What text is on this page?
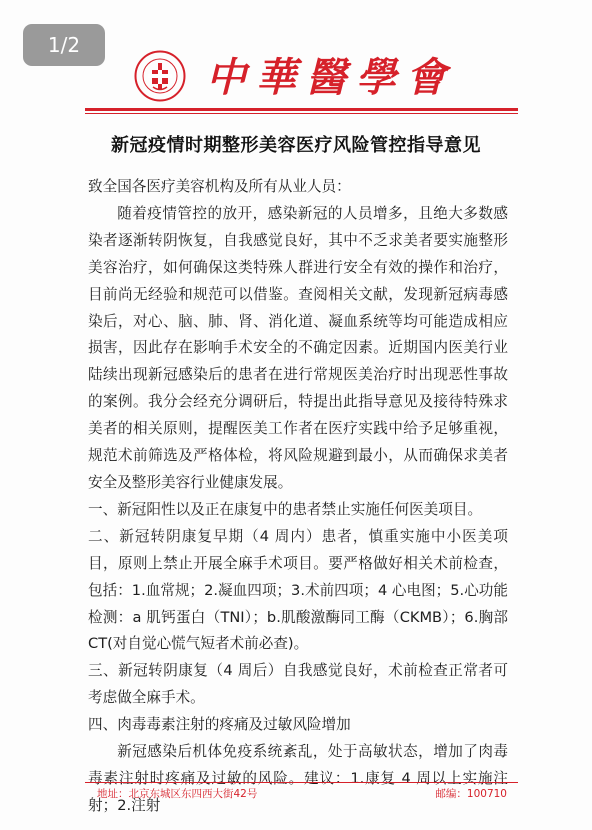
1/2
中華醫學會
新冠疫情时期整形美容医疗风险管控指导意见

致全国各医疗美容机构及所有从业人员：

随着疫情管控的放开，感染新冠的人员增多，且绝大多数感染者逐渐转阴恢复，自我感觉良好，其中不乏求美者要实施整形美容治疗，如何确保这类特殊人群进行安全有效的操作和治疗，目前尚无经验和规范可以借鉴。查阅相关文献，发现新冠病毒感染后，对心、脑、肺、肾、消化道、凝血系统等均可能造成相应损害，因此存在影响手术安全的不确定因素。近期国内医美行业陆续出现新冠感染后的患者在进行常规医美治疗时出现恶性事故的案例。我分会经充分调研后，特提出此指导意见及接待特殊求美者的相关原则，提醒医美工作者在医疗实践中给予足够重视，规范术前筛选及严格体检，将风险规避到最小，从而确保求美者安全及整形美容行业健康发展。

一、新冠阳性以及正在康复中的患者禁止实施任何医美项目。

二、新冠转阴康复早期（4 周内）患者，慎重实施中小医美项目，原则上禁止开展全麻手术项目。要严格做好相关术前检查，包括：1.血常规；2.凝血四项；3.术前四项；4 心电图；5.心功能检测：a 肌钙蛋白（TNI）；b.肌酸激酶同工酶（CKMB）；6.胸部 CT(对自觉心慌气短者术前必查)。

三、新冠转阴康复（4 周后）自我感觉良好，术前检查正常者可考虑做全麻手术。

四、肉毒毒素注射的疼痛及过敏风险增加

新冠感染后机体免疫系统紊乱，处于高敏状态，增加了肉毒毒素注射时疼痛及过敏的风险。建议：1.康复 4 周以上实施注射；2.注射

地址：北京东城区东四西大街42号	邮编：100710
